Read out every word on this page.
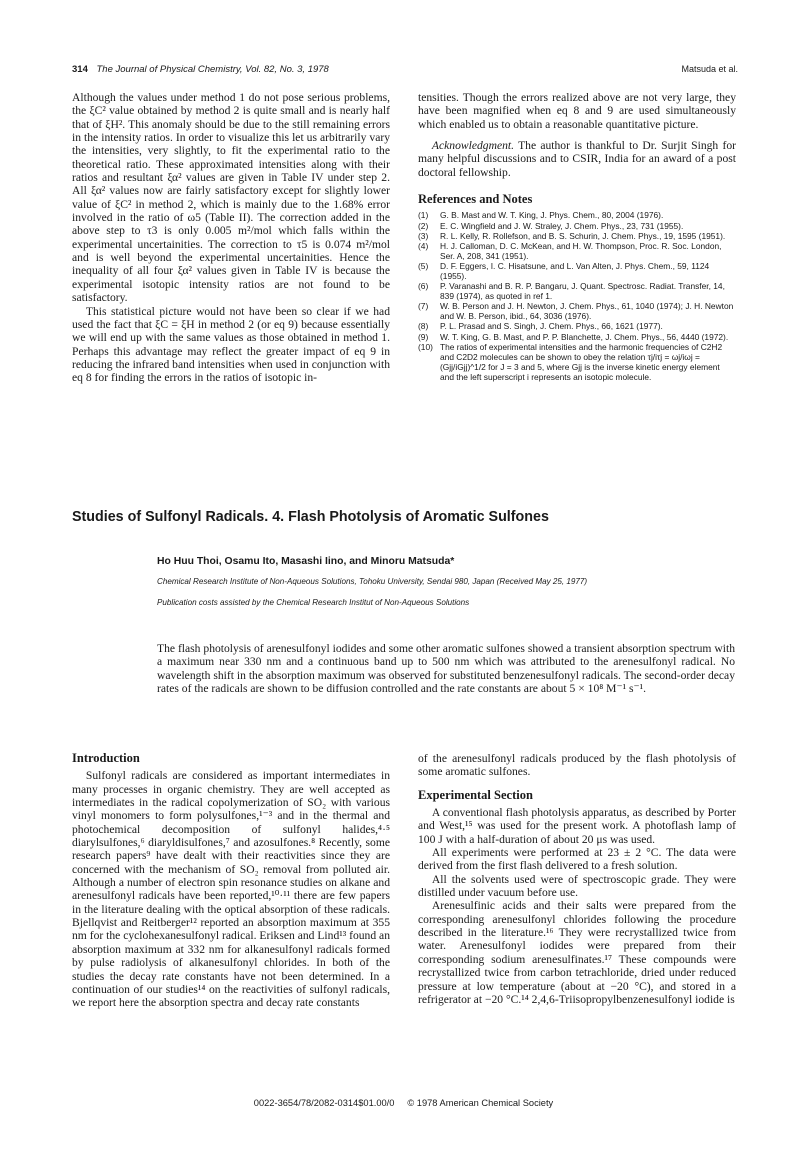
314 The Journal of Physical Chemistry, Vol. 82, No. 3, 1978	Matsuda et al.

Although the values under method 1 do not pose serious problems, the ξC² value obtained by method 2 is quite small and is nearly half that of ξH². This anomaly should be due to the still remaining errors in the intensity ratios. In order to visualize this let us arbitrarily vary the intensities, very slightly, to fit the experimental ratio to the theoretical ratio. These approximated intensities along with their ratios and resultant ξα² values are given in Table IV under step 2. All ξα² values now are fairly satisfactory except for slightly lower value of ξC² in method 2, which is mainly due to the 1.68% error involved in the ratio of ω5 (Table II). The correction added in the above step to τ3 is only 0.005 m²/mol which falls within the experimental uncertainities. The correction to τ5 is 0.074 m²/mol and is well beyond the experimental uncertainities. Hence the inequality of all four ξα² values given in Table IV is because the experimental isotopic intensity ratios are not found to be satisfactory.

This statistical picture would not have been so clear if we had used the fact that ξC = ξH in method 2 (or eq 9) because essentially we will end up with the same values as those obtained in method 1. Perhaps this advantage may reflect the greater impact of eq 9 in reducing the infrared band intensities when used in conjunction with eq 8 for finding the errors in the ratios of isotopic in-

tensities. Though the errors realized above are not very large, they have been magnified when eq 8 and 9 are used simultaneously which enabled us to obtain a reasonable quantitative picture.

Acknowledgment. The author is thankful to Dr. Surjit Singh for many helpful discussions and to CSIR, India for an award of a post doctoral fellowship.

References and Notes
(1) G. B. Mast and W. T. King, J. Phys. Chem., 80, 2004 (1976).
(2) E. C. Wingfield and J. W. Straley, J. Chem. Phys., 23, 731 (1955).
(3) R. L. Kelly, R. Rollefson, and B. S. Schurin, J. Chem. Phys., 19, 1595 (1951).
(4) H. J. Calloman, D. C. McKean, and H. W. Thompson, Proc. R. Soc. London, Ser. A, 208, 341 (1951).
(5) D. F. Eggers, I. C. Hisatsune, and L. Van Alten, J. Phys. Chem., 59, 1124 (1955).
(6) P. Varanashi and B. R. P. Bangaru, J. Quant. Spectrosc. Radiat. Transfer, 14, 839 (1974), as quoted in ref 1.
(7) W. B. Person and J. H. Newton, J. Chem. Phys., 61, 1040 (1974); J. H. Newton and W. B. Person, ibid., 64, 3036 (1976).
(8) P. L. Prasad and S. Singh, J. Chem. Phys., 66, 1621 (1977).
(9) W. T. King, G. B. Mast, and P. P. Blanchette, J. Chem. Phys., 56, 4440 (1972).
(10) The ratios of experimental intensities and the harmonic frequencies of C2H2 and C2D2 molecules can be shown to obey the relation τj/iτj = ωj/iωj = (Gjj/iGjj)^1/2 for J = 3 and 5, where Gjj is the inverse kinetic energy element and the left superscript i represents an isotopic molecule.
Studies of Sulfonyl Radicals. 4. Flash Photolysis of Aromatic Sulfones
Ho Huu Thoi, Osamu Ito, Masashi Iino, and Minoru Matsuda*
Chemical Research Institute of Non-Aqueous Solutions, Tohoku University, Sendai 980, Japan (Received May 25, 1977)
Publication costs assisted by the Chemical Research Institut of Non-Aqueous Solutions
The flash photolysis of arenesulfonyl iodides and some other aromatic sulfones showed a transient absorption spectrum with a maximum near 330 nm and a continuous band up to 500 nm which was attributed to the arenesulfonyl radical. No wavelength shift in the absorption maximum was observed for substituted benzenesulfonyl radicals. The second-order decay rates of the radicals are shown to be diffusion controlled and the rate constants are about 5 × 10⁸ M⁻¹ s⁻¹.
Introduction

Sulfonyl radicals are considered as important intermediates in many processes in organic chemistry. They are well accepted as intermediates in the radical copolymerization of SO₂ with various vinyl monomers to form polysulfones,¹⁻³ and in the thermal and photochemical decomposition of sulfonyl halides,⁴·⁵ diarylsulfones,⁶ diaryldisulfones,⁷ and azosulfones.⁸ Recently, some research papers⁹ have dealt with their reactivities since they are concerned with the mechanism of SO₂ removal from polluted air. Although a number of electron spin resonance studies on alkane and arenesulfonyl radicals have been reported,¹⁰·¹¹ there are few papers in the literature dealing with the optical absorption of these radicals. Bjellqvist and Reitberger¹² reported an absorption maximum at 355 nm for the cyclohexanesulfonyl radical. Eriksen and Lind¹³ found an absorption maximum at 332 nm for alkanesulfonyl radicals formed by pulse radiolysis of alkanesulfonyl chlorides. In both of the studies the decay rate constants have not been determined. In a continuation of our studies¹⁴ on the reactivities of sulfonyl radicals, we report here the absorption spectra and decay rate constants

of the arenesulfonyl radicals produced by the flash photolysis of some aromatic sulfones.

Experimental Section

A conventional flash photolysis apparatus, as described by Porter and West,¹⁵ was used for the present work. A photoflash lamp of 100 J with a half-duration of about 20 μs was used.

All experiments were performed at 23 ± 2 °C. The data were derived from the first flash delivered to a fresh solution.

All the solvents used were of spectroscopic grade. They were distilled under vacuum before use.

Arenesulfinic acids and their salts were prepared from the corresponding arenesulfonyl chlorides following the procedure described in the literature.¹⁶ They were recrystallized twice from water. Arenesulfonyl iodides were prepared from their corresponding sodium arenesulfinates.¹⁷ These compounds were recrystallized twice from carbon tetrachloride, dried under reduced pressure at low temperature (about at −20 °C), and stored in a refrigerator at −20 °C.¹⁴ 2,4,6-Triisopropylbenzenesulfonyl iodide is

0022-3654/78/2082-0314$01.00/0 © 1978 American Chemical Society
